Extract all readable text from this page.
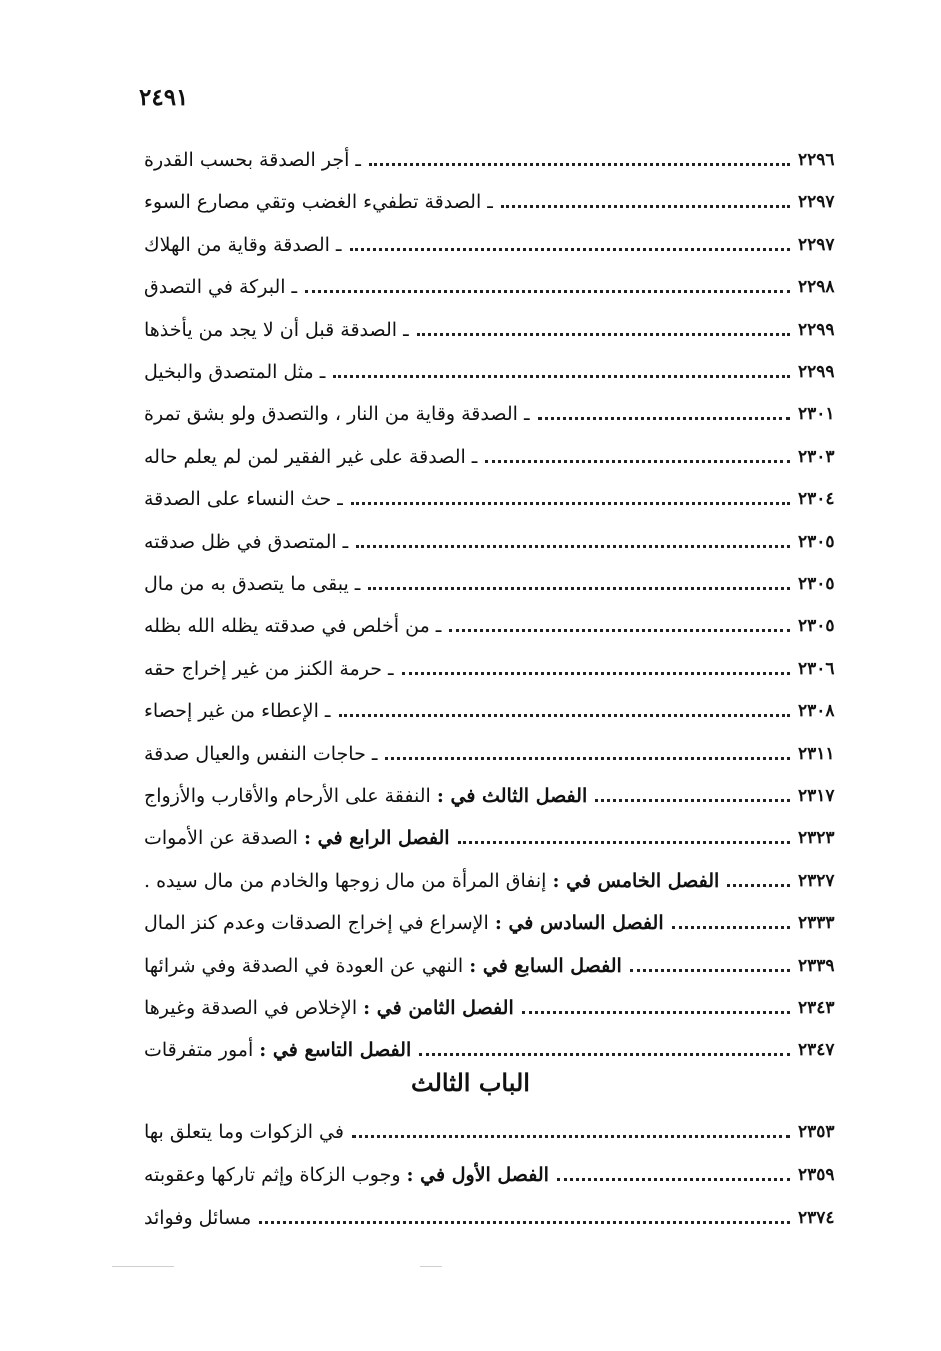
٢٤٩١
ـ أجر الصدقة بحسب القدرة	٢٢٩٦
ـ الصدقة تطفيء الغضب وتقي مصارع السوء	٢٢٩٧
ـ الصدقة وقاية من الهلاك	٢٢٩٧
ـ البركة في التصدق	٢٢٩٨
ـ الصدقة قبل أن لا يجد من يأخذها	٢٢٩٩
ـ مثل المتصدق والبخيل	٢٢٩٩
ـ الصدقة وقاية من النار ، والتصدق ولو بشق تمرة	٢٣٠١
ـ الصدقة على غير الفقير لمن لم يعلم حاله	٢٣٠٣
ـ حث النساء على الصدقة	٢٣٠٤
ـ المتصدق في ظل صدقته	٢٣٠٥
ـ يبقى ما يتصدق به من مال	٢٣٠٥
ـ من أخلص في صدقته يظله الله بظله	٢٣٠٥
ـ حرمة الكنز من غير إخراج حقه	٢٣٠٦
ـ الإعطاء من غير إحصاء	٢٣٠٨
ـ حاجات النفس والعيال صدقة	٢٣١١
الفصل الثالث في : النفقة على الأرحام والأقارب والأزواج	٢٣١٧
الفصل الرابع في : الصدقة عن الأموات	٢٣٢٣
الفصل الخامس في : إنفاق المرأة من مال زوجها والخادم من مال سيده .	٢٣٢٧
الفصل السادس في : الإسراع في إخراج الصدقات وعدم كنز المال	٢٣٣٣
الفصل السابع في : النهي عن العودة في الصدقة وفي شرائها	٢٣٣٩
الفصل الثامن في : الإخلاص في الصدقة وغيرها	٢٣٤٣
الفصل التاسع في : أمور متفرقات	٢٣٤٧
في الزكوات وما يتعلق بها	٢٣٥٣
الفصل الأول في : وجوب الزكاة وإثم تاركها وعقوبته	٢٣٥٩
مسائل وفوائد	٢٣٧٤
الباب الثالث
